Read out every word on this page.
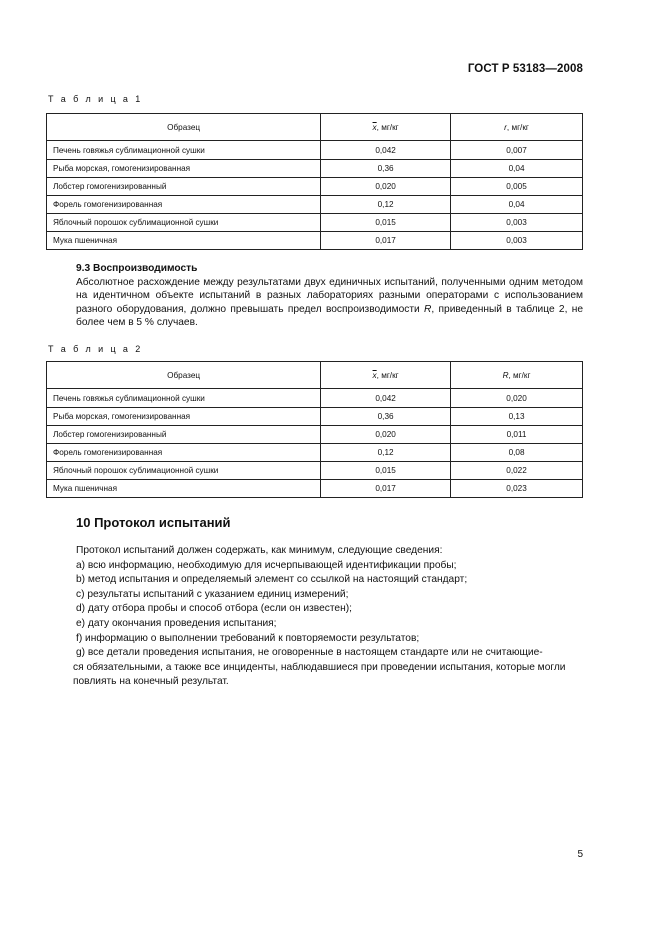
ГОСТ Р 53183—2008
Т а б л и ц а 1
Образец	$\overline{x}$, мг/кг	r, мг/кг
Печень говяжья сублимационной сушки	0,042	0,007
Рыба морская, гомогенизированная	0,36	0,04
Лобстер гомогенизированный	0,020	0,005
Форель гомогенизированная	0,12	0,04
Яблочный порошок сублимационной сушки	0,015	0,003
Мука пшеничная	0,017	0,003
9.3 Воспроизводимость
Абсолютное расхождение между результатами двух единичных испытаний, полученными одним методом на идентичном объекте испытаний в разных лабораториях разными операторами с использованием разного оборудования, должно превышать предел воспроизводимости R, приведенный в таблице 2, не более чем в 5 % случаев.
Т а б л и ц а 2
Образец	$\overline{x}$, мг/кг	R, мг/кг
Печень говяжья сублимационной сушки	0,042	0,020
Рыба морская, гомогенизированная	0,36	0,13
Лобстер гомогенизированный	0,020	0,011
Форель гомогенизированная	0,12	0,08
Яблочный порошок сублимационной сушки	0,015	0,022
Мука пшеничная	0,017	0,023
10 Протокол испытаний
Протокол испытаний должен содержать, как минимум, следующие сведения:
a) всю информацию, необходимую для исчерпывающей идентификации пробы;
b) метод испытания и определяемый элемент со ссылкой на настоящий стандарт;
c) результаты испытаний с указанием единиц измерений;
d) дату отбора пробы и способ отбора (если он известен);
e) дату окончания проведения испытания;
f) информацию о выполнении требований к повторяемости результатов;
g) все детали проведения испытания, не оговоренные в настоящем стандарте или не считающие-
ся обязательными, а также все инциденты, наблюдавшиеся при проведении испытания, которые могли
повлиять на конечный результат.
5
